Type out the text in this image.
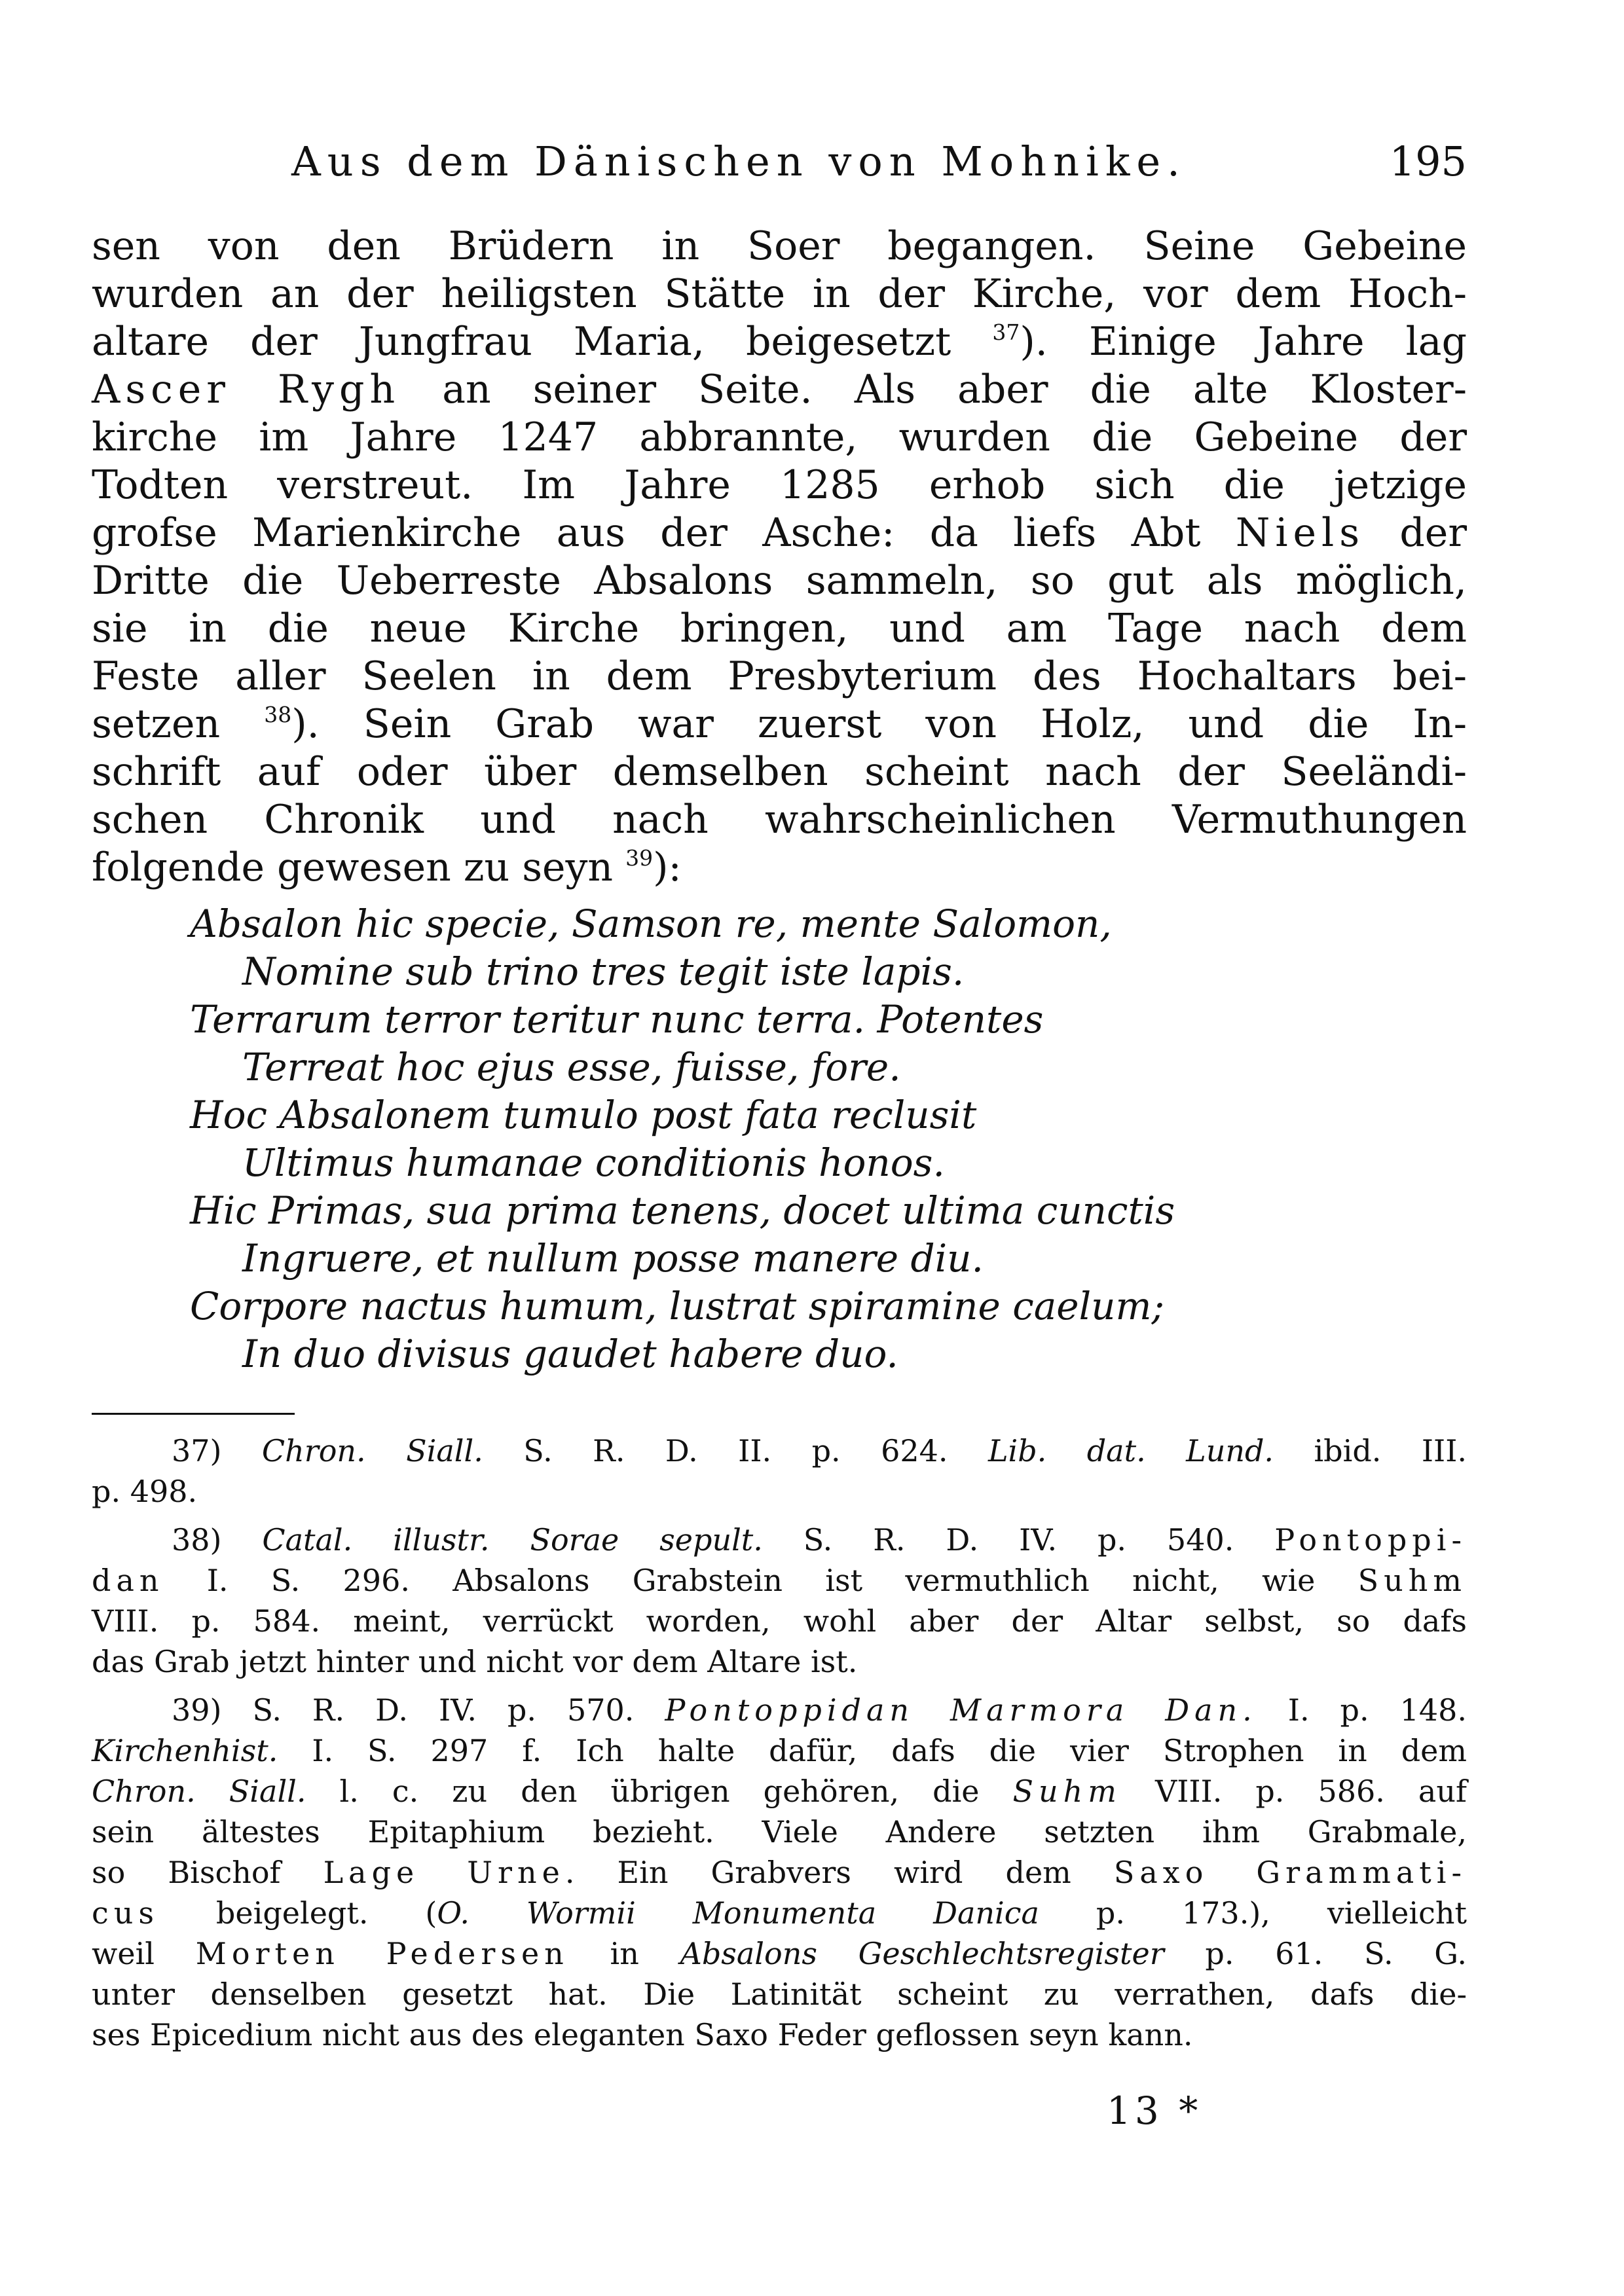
Aus dem Dänischen von Mohnike.	195
sen von den Brüdern in Soer begangen. Seine Gebeine
wurden an der heiligsten Stätte in der Kirche, vor dem Hoch-
altare der Jungfrau Maria, beigesetzt $^{37}$). Einige Jahre lag
Ascer Rygh an seiner Seite. Als aber die alte Kloster-
kirche im Jahre 1247 abbrannte, wurden die Gebeine der
Todten verstreut. Im Jahre 1285 erhob sich die jetzige
grofse Marienkirche aus der Asche: da liefs Abt Niels der
Dritte die Ueberreste Absalons sammeln, so gut als möglich,
sie in die neue Kirche bringen, und am Tage nach dem
Feste aller Seelen in dem Presbyterium des Hochaltars bei-
setzen $^{38}$). Sein Grab war zuerst von Holz, und die In-
schrift auf oder über demselben scheint nach der Seeländi-
schen Chronik und nach wahrscheinlichen Vermuthungen
folgende gewesen zu seyn $^{39}$):
Absalon hic specie, Samson re, mente Salomon,
Nomine sub trino tres tegit iste lapis.
Terrarum terror teritur nunc terra. Potentes
Terreat hoc ejus esse, fuisse, fore.
Hoc Absalonem tumulo post fata reclusit
Ultimus humanae conditionis honos.
Hic Primas, sua prima tenens, docet ultima cunctis
Ingruere, et nullum posse manere diu.
Corpore nactus humum, lustrat spiramine caelum;
In duo divisus gaudet habere duo.
37) Chron. Siall. S. R. D. II. p. 624. Lib. dat. Lund. ibid. III.
p. 498.
38) Catal. illustr. Sorae sepult. S. R. D. IV. p. 540. Pontoppi-
dan I. S. 296. Absalons Grabstein ist vermuthlich nicht, wie Suhm
VIII. p. 584. meint, verrückt worden, wohl aber der Altar selbst, so dafs
das Grab jetzt hinter und nicht vor dem Altare ist.
39) S. R. D. IV. p. 570. Pontoppidan Marmora Dan. I. p. 148.
Kirchenhist. I. S. 297 f. Ich halte dafür, dafs die vier Strophen in dem
Chron. Siall. l. c. zu den übrigen gehören, die Suhm VIII. p. 586. auf
sein ältestes Epitaphium bezieht. Viele Andere setzten ihm Grabmale,
so Bischof Lage Urne. Ein Grabvers wird dem Saxo Grammati-
cus beigelegt. (O. Wormii Monumenta Danica p. 173.), vielleicht
weil Morten Pedersen in Absalons Geschlechtsregister p. 61. S. G.
unter denselben gesetzt hat. Die Latinität scheint zu verrathen, dafs die-
ses Epicedium nicht aus des eleganten Saxo Feder geflossen seyn kann.
13 *
